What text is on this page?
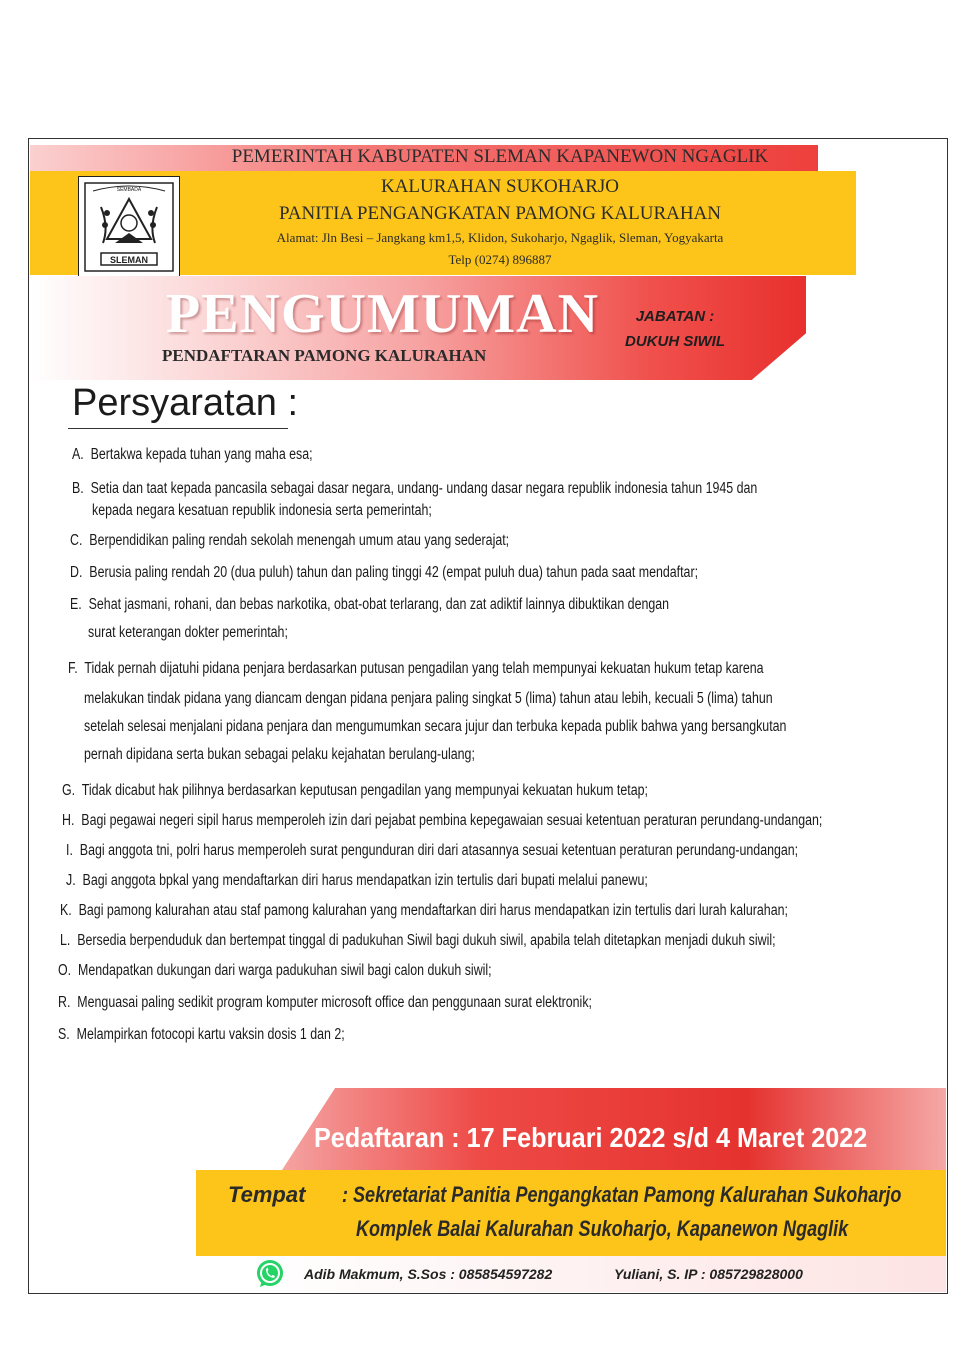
SEMBADA
SLEMAN
PEMERINTAH KABUPATEN SLEMAN KAPANEWON NGAGLIK
KALURAHAN SUKOHARJO
PANITIA PENGANGKATAN PAMONG KALURAHAN
Alamat: Jln Besi – Jangkang km1,5, Klidon, Sukoharjo, Ngaglik, Sleman, Yogyakarta
Telp (0274) 896887
PENGUMUMAN
PENDAFTARAN PAMONG KALURAHAN
JABATAN :
DUKUH SIWIL
Persyaratan :
A. Bertakwa kepada tuhan yang maha esa;
B. Setia dan taat kepada pancasila sebagai dasar negara, undang- undang dasar negara republik indonesia tahun 1945 dan
kepada negara kesatuan republik indonesia serta pemerintah;
C. Berpendidikan paling rendah sekolah menengah umum atau yang sederajat;
D. Berusia paling rendah 20 (dua puluh) tahun dan paling tinggi 42 (empat puluh dua) tahun pada saat mendaftar;
E. Sehat jasmani, rohani, dan bebas narkotika, obat-obat terlarang, dan zat adiktif lainnya dibuktikan dengan
surat keterangan dokter pemerintah;
F. Tidak pernah dijatuhi pidana penjara berdasarkan putusan pengadilan yang telah mempunyai kekuatan hukum tetap karena
melakukan tindak pidana yang diancam dengan pidana penjara paling singkat 5 (lima) tahun atau lebih, kecuali 5 (lima) tahun
setelah selesai menjalani pidana penjara dan mengumumkan secara jujur dan terbuka kepada publik bahwa yang bersangkutan
pernah dipidana serta bukan sebagai pelaku kejahatan berulang-ulang;
G. Tidak dicabut hak pilihnya berdasarkan keputusan pengadilan yang mempunyai kekuatan hukum tetap;
H. Bagi pegawai negeri sipil harus memperoleh izin dari pejabat pembina kepegawaian sesuai ketentuan peraturan perundang-undangan;
I. Bagi anggota tni, polri harus memperoleh surat pengunduran diri dari atasannya sesuai ketentuan peraturan perundang-undangan;
J. Bagi anggota bpkal yang mendaftarkan diri harus mendapatkan izin tertulis dari bupati melalui panewu;
K. Bagi pamong kalurahan atau staf pamong kalurahan yang mendaftarkan diri harus mendapatkan izin tertulis dari lurah kalurahan;
L. Bersedia berpenduduk dan bertempat tinggal di padukuhan Siwil bagi dukuh siwil, apabila telah ditetapkan menjadi dukuh siwil;
O. Mendapatkan dukungan dari warga padukuhan siwil bagi calon dukuh siwil;
R. Menguasai paling sedikit program komputer microsoft office dan penggunaan surat elektronik;
S. Melampirkan fotocopi kartu vaksin dosis 1 dan 2;
Pedaftaran : 17 Februari 2022 s/d 4 Maret 2022
Tempat : Sekretariat Panitia Pengangkatan Pamong Kalurahan Sukoharjo
Komplek Balai Kalurahan Sukoharjo, Kapanewon Ngaglik
Adib Makmum, S.Sos : 085854597282	Yuliani, S. IP : 085729828000
